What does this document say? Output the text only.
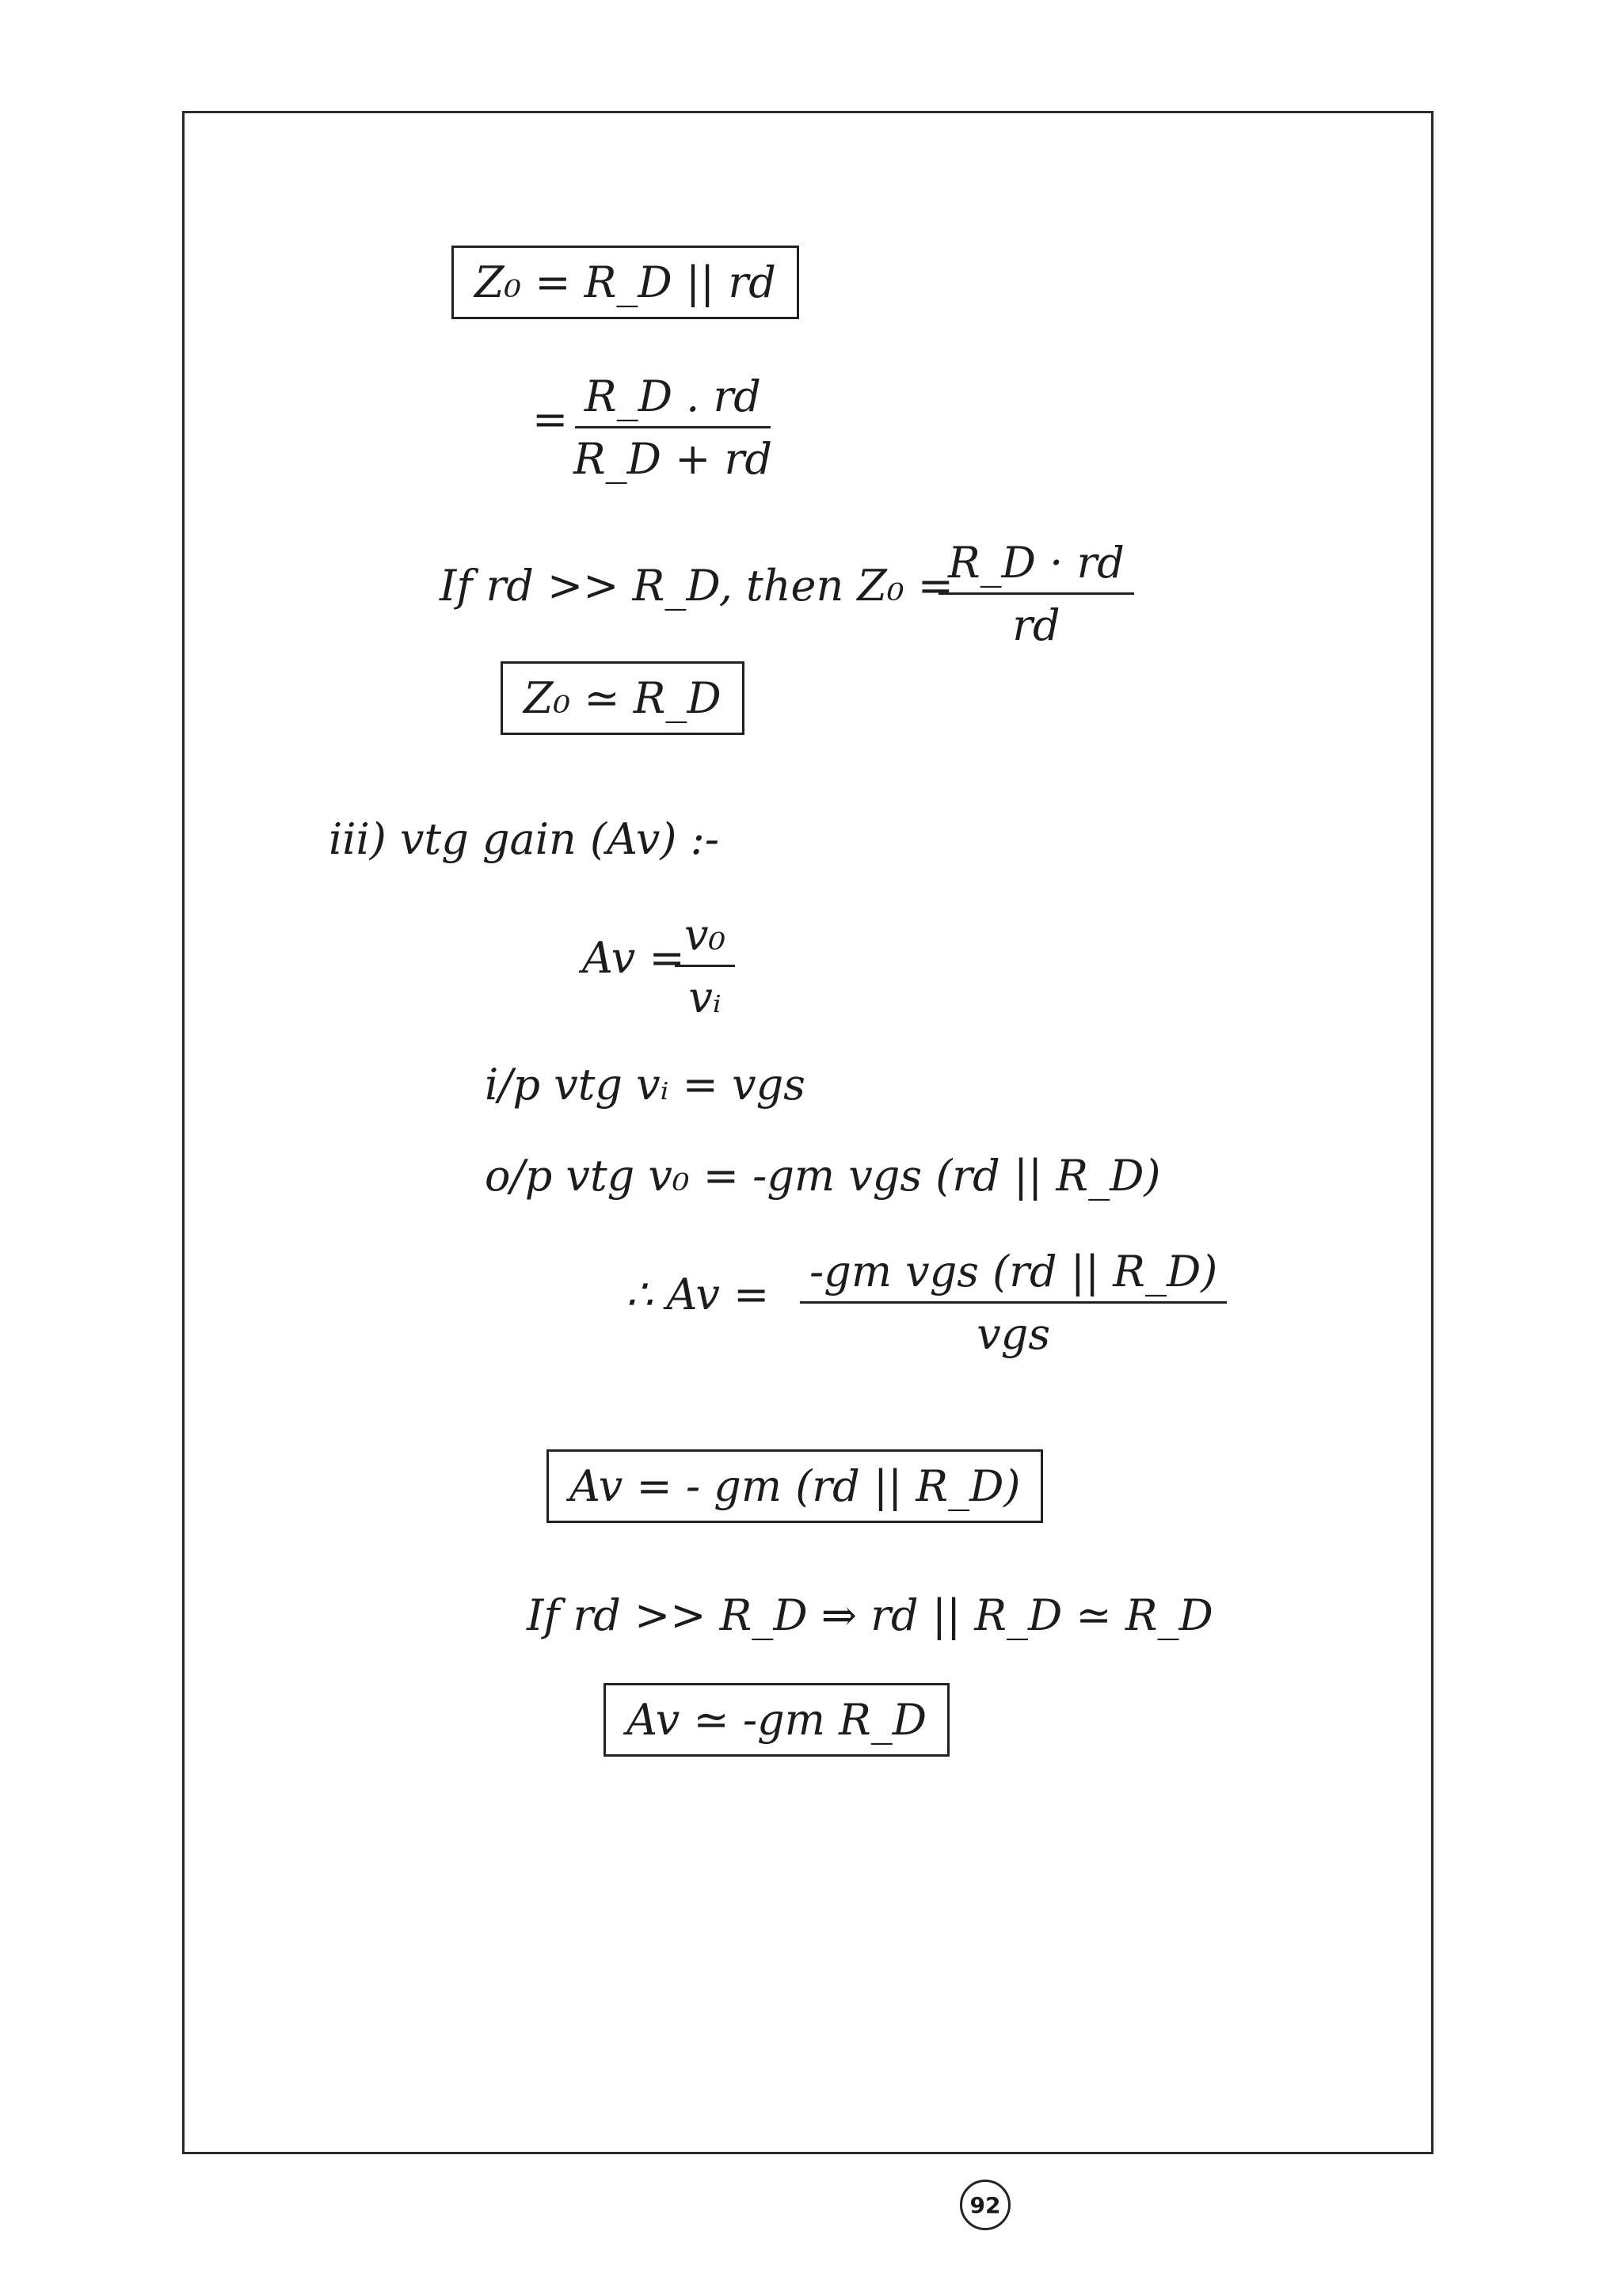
Z₀ = R_D || rd
=
$\frac{R\_D . rd}{R\_D + rd}$
If rd >> R_D, then Z₀ =
$\frac{R\_D \cdot rd}{rd}$
Z₀ ≃ R_D
iii) vtg gain (Av) :-
Av =
$\frac{\text{v₀}}{\text{vᵢ}}$
i/p vtg vᵢ = vgs
o/p vtg v₀ = -gm vgs (rd || R_D)
∴ Av = -gm vgs (rd || R_D)
vgs
Av = - gm (rd || R_D)
If rd >> R_D ⇒ rd || R_D ≃ R_D
Av ≃ -gm R_D
92
